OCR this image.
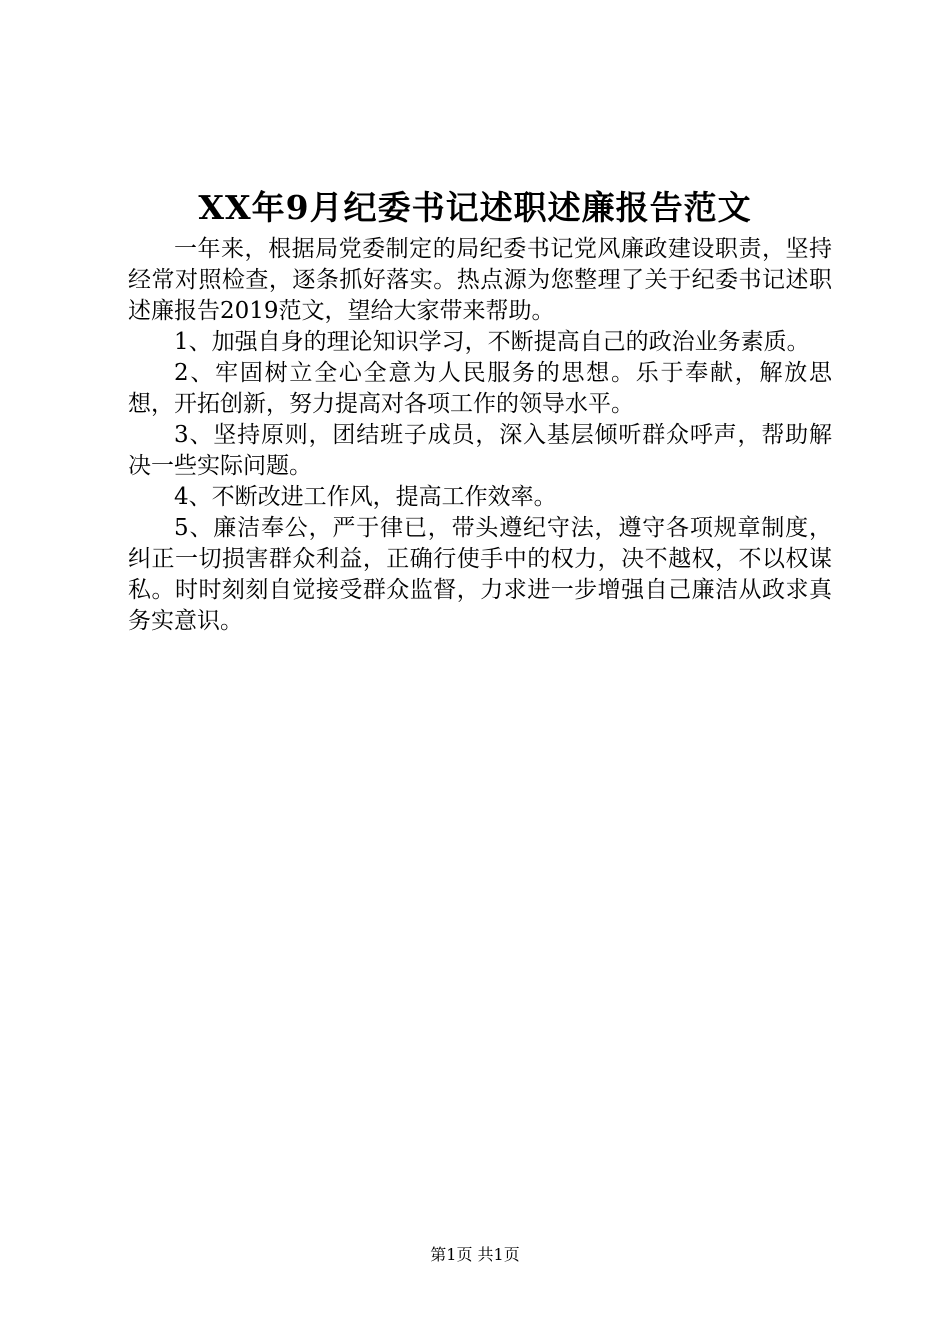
XX年9月纪委书记述职述廉报告范文

一年来，根据局党委制定的局纪委书记党风廉政建设职责，坚持经常对照检查，逐条抓好落实。热点源为您整理了关于纪委书记述职述廉报告2019范文，望给大家带来帮助。

1、加强自身的理论知识学习，不断提高自己的政治业务素质。

2、牢固树立全心全意为人民服务的思想。乐于奉献，解放思想，开拓创新，努力提高对各项工作的领导水平。

3、坚持原则，团结班子成员，深入基层倾听群众呼声，帮助解决一些实际问题。

4、不断改进工作风，提高工作效率。

5、廉洁奉公，严于律已，带头遵纪守法，遵守各项规章制度，纠正一切损害群众利益，正确行使手中的权力，决不越权，不以权谋私。时时刻刻自觉接受群众监督，力求进一步增强自己廉洁从政求真务实意识。

第1页 共1页
